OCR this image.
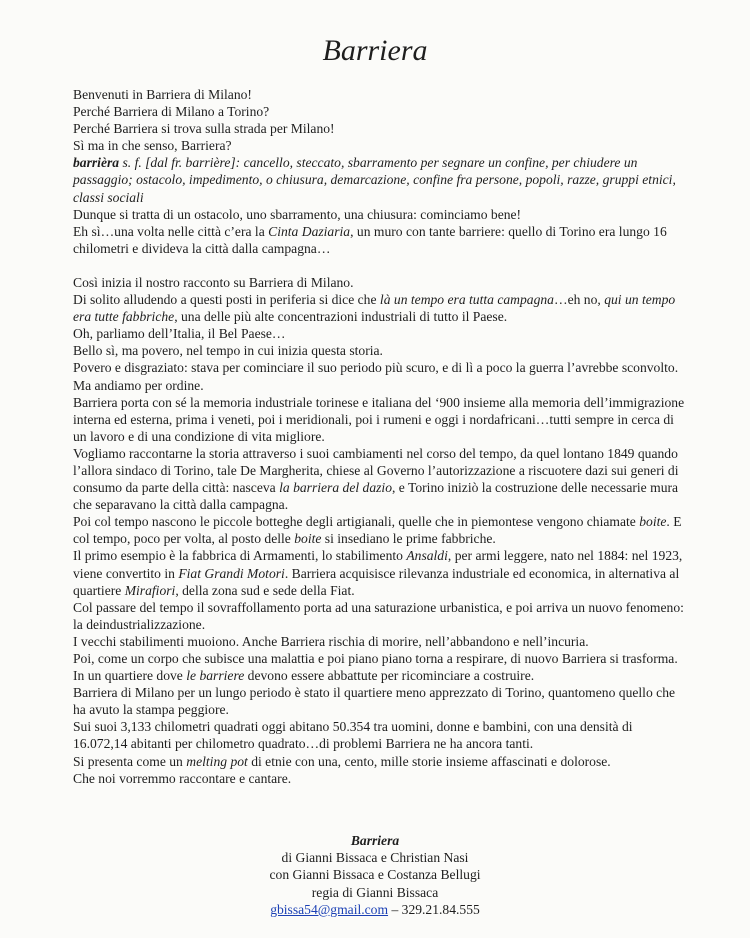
Barriera

Benvenuti in Barriera di Milano!

Perché Barriera di Milano a Torino?

Perché Barriera si trova sulla strada per Milano!

Sì ma in che senso, Barriera?

barrièra s. f. [dal fr. barrière]: cancello, steccato, sbarramento per segnare un confine, per chiudere un passaggio; ostacolo, impedimento, o chiusura, demarcazione, confine fra persone, popoli, razze, gruppi etnici, classi sociali

Dunque si tratta di un ostacolo, uno sbarramento, una chiusura: cominciamo bene!

Eh sì…una volta nelle città c’era la Cinta Daziaria, un muro con tante barriere: quello di Torino era lungo 16 chilometri e divideva la città dalla campagna…

Così inizia il nostro racconto su Barriera di Milano.

Di solito alludendo a questi posti in periferia si dice che là un tempo era tutta campagna…eh no, qui un tempo era tutte fabbriche, una delle più alte concentrazioni industriali di tutto il Paese.

Oh, parliamo dell’Italia, il Bel Paese…

Bello sì, ma povero, nel tempo in cui inizia questa storia.

Povero e disgraziato: stava per cominciare il suo periodo più scuro, e di lì a poco la guerra l’avrebbe sconvolto.

Ma andiamo per ordine.

Barriera porta con sé la memoria industriale torinese e italiana del ‘900 insieme alla memoria dell’immigrazione interna ed esterna, prima i veneti, poi i meridionali, poi i rumeni e oggi i nordafricani…tutti sempre in cerca di un lavoro e di una condizione di vita migliore.

Vogliamo raccontarne la storia attraverso i suoi cambiamenti nel corso del tempo, da quel lontano 1849 quando l’allora sindaco di Torino, tale De Margherita, chiese al Governo l’autorizzazione a riscuotere dazi sui generi di consumo da parte della città: nasceva la barriera del dazio, e Torino iniziò la costruzione delle necessarie mura che separavano la città dalla campagna.

Poi col tempo nascono le piccole botteghe degli artigianali, quelle che in piemontese vengono chiamate boite. E col tempo, poco per volta, al posto delle boite si insediano le prime fabbriche.

Il primo esempio è la fabbrica di Armamenti, lo stabilimento Ansaldi, per armi leggere, nato nel 1884: nel 1923, viene convertito in Fiat Grandi Motori. Barriera acquisisce rilevanza industriale ed economica, in alternativa al quartiere Mirafiori, della zona sud e sede della Fiat.

Col passare del tempo il sovraffollamento porta ad una saturazione urbanistica, e poi arriva un nuovo fenomeno: la deindustrializzazione.

I vecchi stabilimenti muoiono. Anche Barriera rischia di morire, nell’abbandono e nell’incuria.

Poi, come un corpo che subisce una malattia e poi piano piano torna a respirare, di nuovo Barriera si trasforma. In un quartiere dove le barriere devono essere abbattute per ricominciare a costruire.

Barriera di Milano per un lungo periodo è stato il quartiere meno apprezzato di Torino, quantomeno quello che ha avuto la stampa peggiore.

Sui suoi 3,133 chilometri quadrati oggi abitano 50.354 tra uomini, donne e bambini, con una densità di 16.072,14 abitanti per chilometro quadrato…di problemi Barriera ne ha ancora tanti.

Si presenta come un melting pot di etnie con una, cento, mille storie insieme affascinati e dolorose.

Che noi vorremmo raccontare e cantare.

Barriera

di Gianni Bissaca e Christian Nasi

con Gianni Bissaca e Costanza Bellugi

regia di Gianni Bissaca

gbissa54@gmail.com – 329.21.84.555
